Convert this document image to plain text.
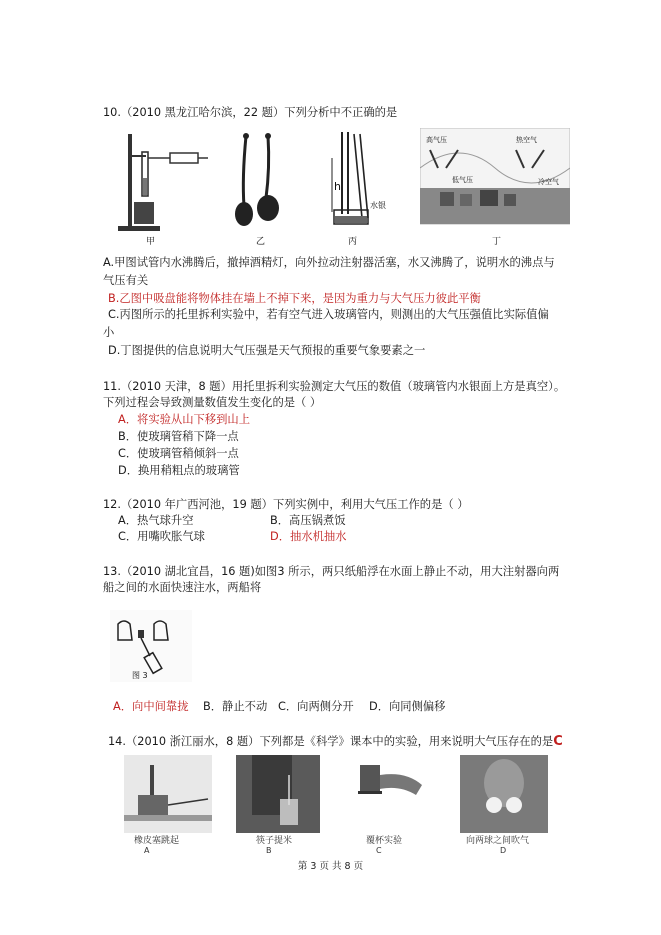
10.（2010 黑龙江哈尔滨，22 题）下列分析中不正确的是
甲	乙
h
水银
丙
高气压	热空气
低气压	冷空气
丁
A.甲图试管内水沸腾后，撤掉酒精灯，向外拉动注射器活塞，水又沸腾了，说明水的沸点与
气压有关
B.乙图中吸盘能将物体挂在墙上不掉下来，是因为重力与大气压力彼此平衡
C.丙图所示的托里拆利实验中，若有空气进入玻璃管内，则测出的大气压强值比实际值偏
小
D.丁图提供的信息说明大气压强是天气预报的重要气象要素之一
11.（2010 天津，8 题）用托里拆利实验测定大气压的数值（玻璃管内水银面上方是真空）。
下列过程会导致测量数值发生变化的是（ ）
A．将实验从山下移到山上
B．使玻璃管稍下降一点
C．使玻璃管稍倾斜一点
D．换用稍粗点的玻璃管
12.（2010 年广西河池，19 题）下列实例中，利用大气压工作的是（ ）
A．热气球升空	B．高压锅煮饭
C．用嘴吹胀气球	D．抽水机抽水
13.（2010 湖北宜昌，16 题)如图3 所示，两只纸船浮在水面上静止不动，用大注射器向两
船之间的水面快速注水，两船将
图 3
A．向中间靠拢 B．静止不动 C．向两侧分开 D．向同侧偏移
14.（2010 浙江丽水，8 题）下列都是《科学》课本中的实验，用来说明大气压存在的是C
橡皮塞跳起
A
筷子提米
B
覆杯实验
C
向两球之间吹气
D
第 3 页 共 8 页
